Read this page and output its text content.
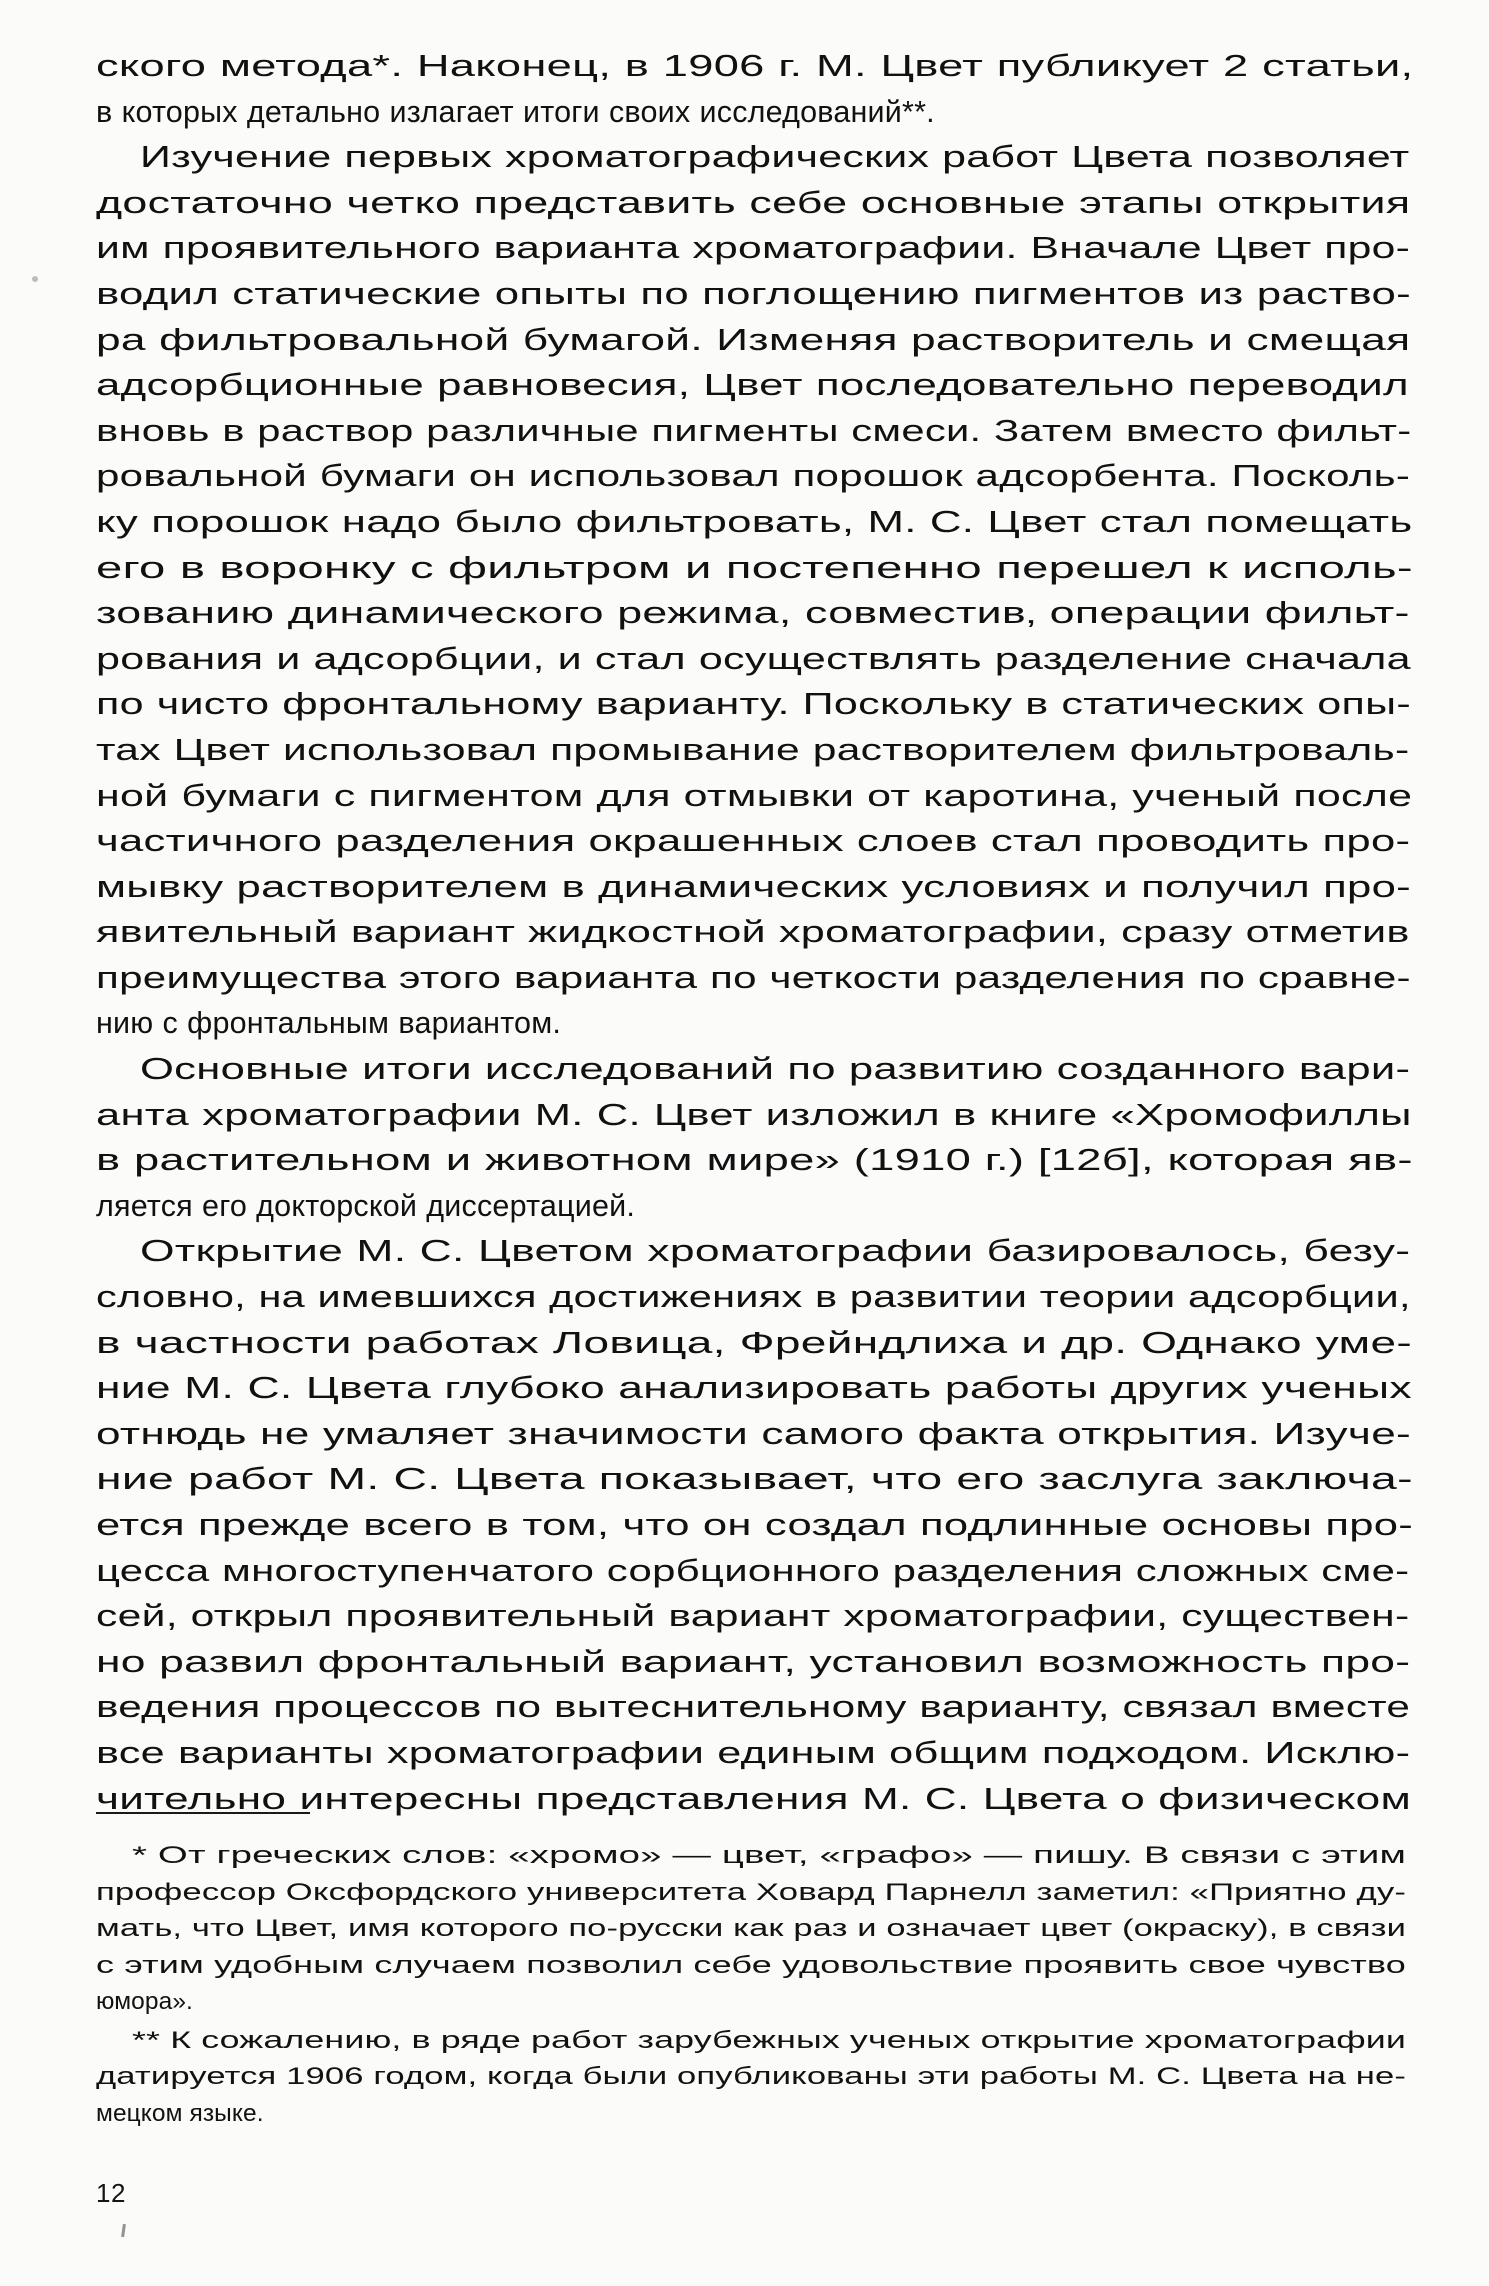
ского метода*. Наконец, в 1906 г. М. Цвет публикует 2 статьи,
в которых детально излагает итоги своих исследований**.

Изучение первых хроматографических работ Цвета позволяет
достаточно четко представить себе основные этапы открытия
им проявительного варианта хроматографии. Вначале Цвет про-
водил статические опыты по поглощению пигментов из раство-
ра фильтровальной бумагой. Изменяя растворитель и смещая
адсорбционные равновесия, Цвет последовательно переводил
вновь в раствор различные пигменты смеси. Затем вместо фильт-
ровальной бумаги он использовал порошок адсорбента. Посколь-
ку порошок надо было фильтровать, М. С. Цвет стал помещать
его в воронку с фильтром и постепенно перешел к исполь-
зованию динамического режима, совместив‚ операции фильт-
рования и адсорбции, и стал осуществлять разделение сначала
по чисто фронтальному варианту. Поскольку в статических опы-
тах Цвет использовал промывание растворителем фильтроваль-
ной бумаги с пигментом для отмывки от каротина, ученый после
частичного разделения окрашенных слоев стал проводить про-
мывку растворителем в динамических условиях и получил про-
явительный вариант жидкостной хроматографии, сразу отметив
преимущества этого варианта по четкости разделения по сравне-
нию с фронтальным вариантом.

Основные итоги исследований по развитию созданного вари-
анта хроматографии М. С. Цвет изложил в книге «Хромофиллы
в растительном и животном мире» (1910 г.) [12б], которая яв-
ляется его докторской диссертацией.

Открытие М. С. Цветом хроматографии базировалось, безу-
словно, на имевшихся достижениях в развитии теории адсорбции,
в частности работах Ловица, Фрейндлиха и др. Однако уме-
ние М. С. Цвета глубоко анализировать работы других ученых
отнюдь не умаляет значимости самого факта открытия. Изуче-
ние работ М. С. Цвета показывает, что его заслуга заключа-
ется прежде всего в том, что он создал подлинные основы про-
цесса многоступенчатого сорбционного разделения сложных сме-
сей, открыл проявительный вариант хроматографии, существен-
но развил фронтальный вариант, установил возможность про-
ведения процессов по вытеснительному варианту, связал вместе
все варианты хроматографии единым общим подходом. Исклю-
чительно интересны представления М. С. Цвета о физическом

* От греческих слов: «хромо» — цвет, «графо» — пишу. В связи с этим
профессор Оксфордского университета Ховард Парнелл заметил: «Приятно ду-
мать, что Цвет, имя которого по-русски как раз и означает цвет (окраску), в связи
с этим удобным случаем позволил себе удовольствие проявить свое чувство
юмора».

** К сожалению, в ряде работ зарубежных ученых открытие хроматографии
датируется 1906 годом, когда были опубликованы эти работы М. С. Цвета на не-
мецком языке.

12
